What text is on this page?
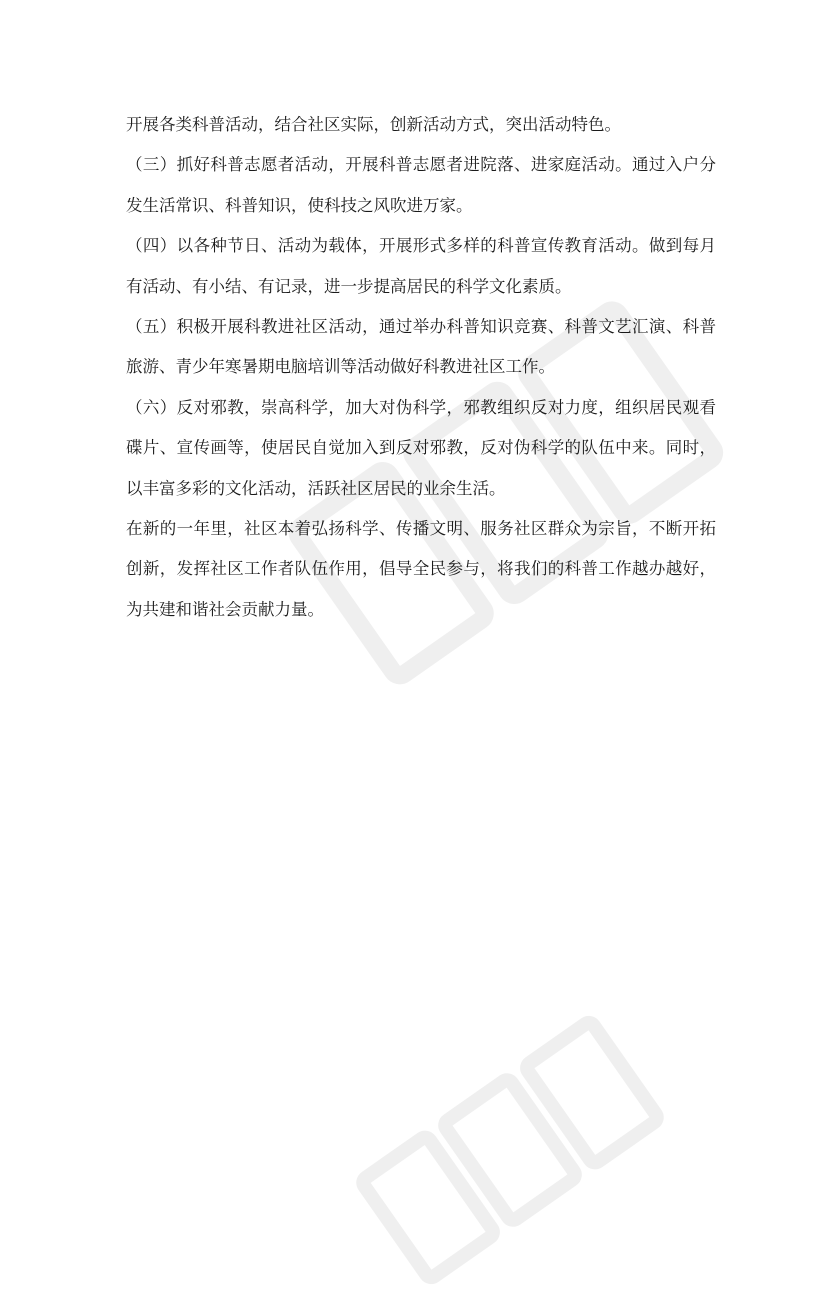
开展各类科普活动，结合社区实际，创新活动方式，突出活动特色。
（三）抓好科普志愿者活动，开展科普志愿者进院落、进家庭活动。通过入户分
发生活常识、科普知识，使科技之风吹进万家。
（四）以各种节日、活动为载体，开展形式多样的科普宣传教育活动。做到每月
有活动、有小结、有记录，进一步提高居民的科学文化素质。
（五）积极开展科教进社区活动，通过举办科普知识竞赛、科普文艺汇演、科普
旅游、青少年寒暑期电脑培训等活动做好科教进社区工作。
（六）反对邪教，崇高科学，加大对伪科学，邪教组织反对力度，组织居民观看
碟片、宣传画等，使居民自觉加入到反对邪教，反对伪科学的队伍中来。同时，
以丰富多彩的文化活动，活跃社区居民的业余生活。
在新的一年里，社区本着弘扬科学、传播文明、服务社区群众为宗旨，不断开拓
创新，发挥社区工作者队伍作用，倡导全民参与，将我们的科普工作越办越好，
为共建和谐社会贡献力量。
